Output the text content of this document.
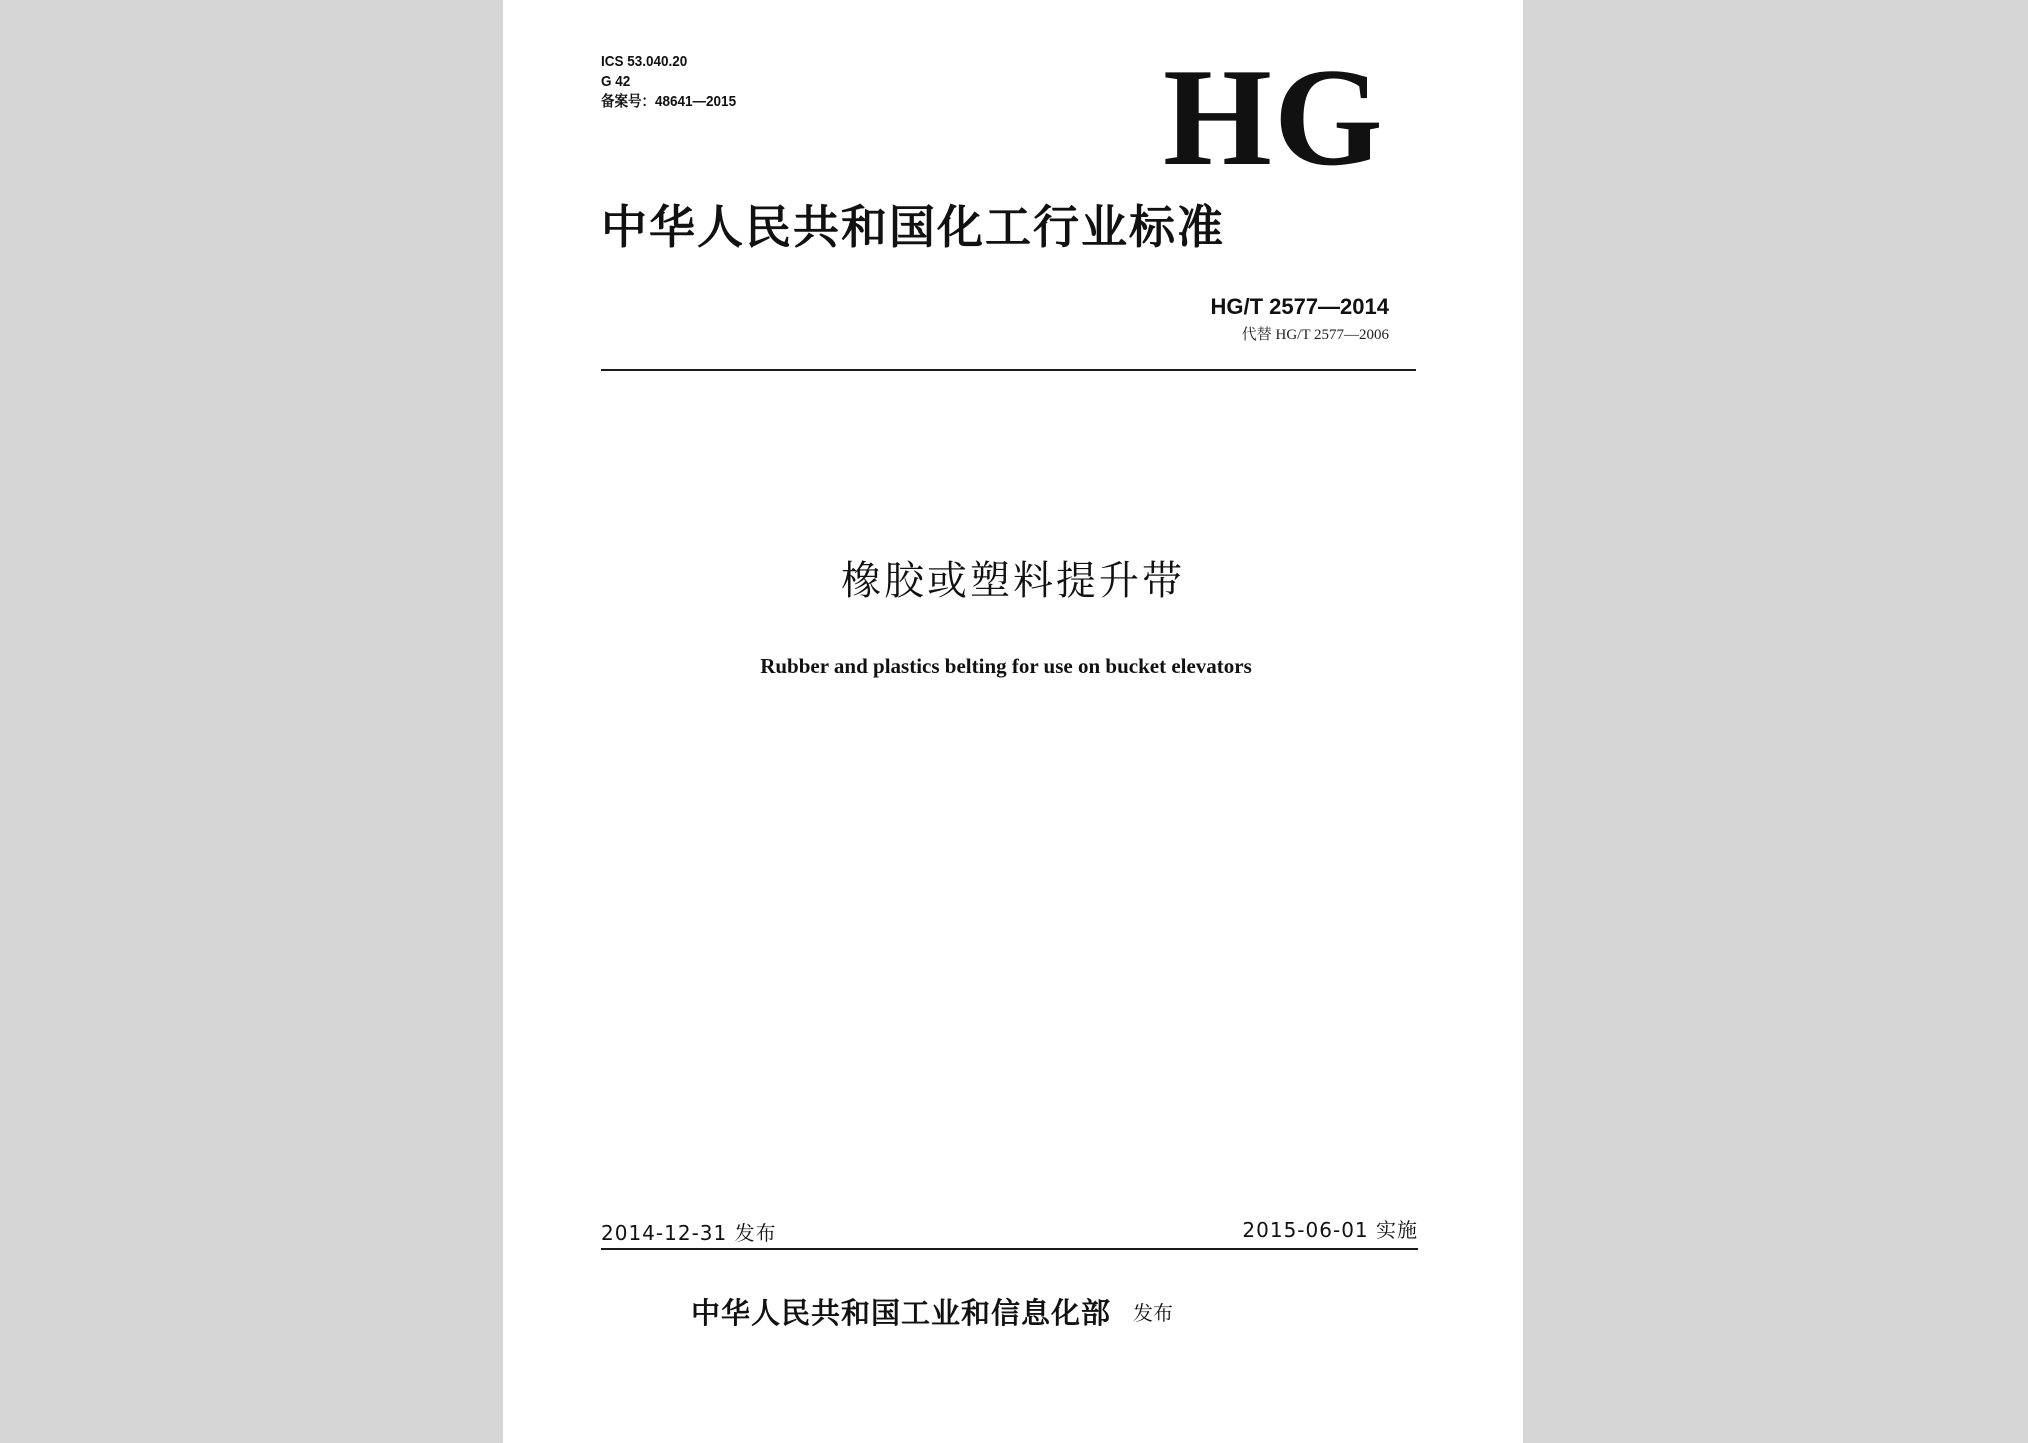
ICS 53.040.20
G 42
备案号：48641—2015	HG
中华人民共和国化工行业标准
HG/T 2577—2014
代替 HG/T 2577—2006
橡胶或塑料提升带
Rubber and plastics belting for use on bucket elevators
2014-12-31 发布	2015-06-01 实施
中华人民共和国工业和信息化部 发布
